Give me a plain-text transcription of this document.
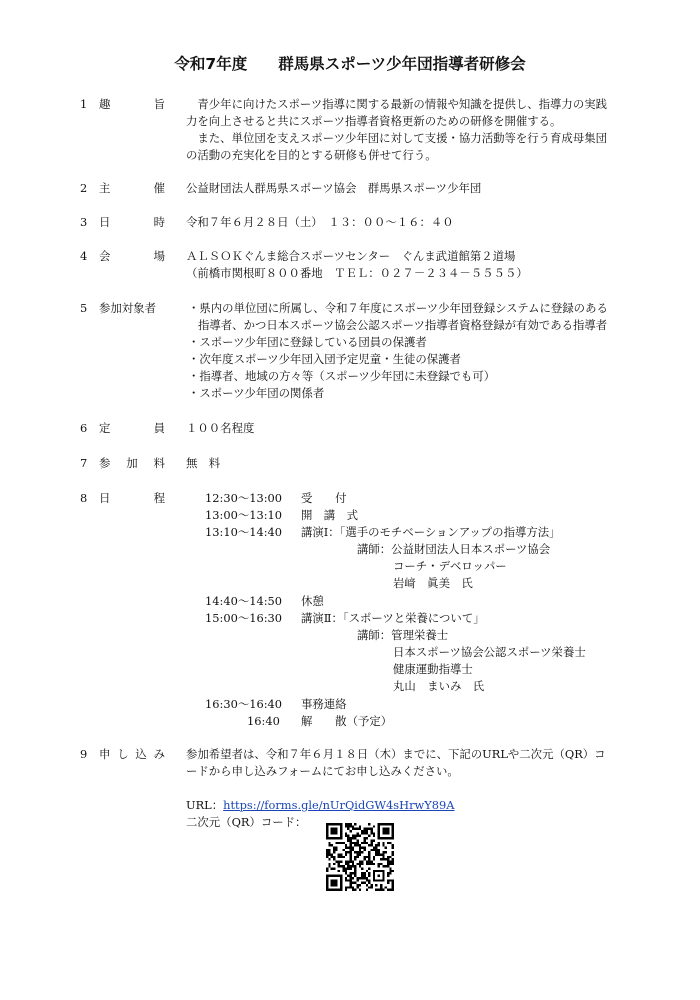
令和7年度　　群馬県スポーツ少年団指導者研修会
1 趣	旨 　青少年に向けたスポーツ指導に関する最新の情報や知識を提供し、指導力の実践
力を向上させると共にスポーツ指導者資格更新のための研修を開催する。
　また、単位団を支えスポーツ少年団に対して支援・協力活動等を行う育成母集団
の活動の充実化を目的とする研修も併せて行う。
2 主	催 公益財団法人群馬県スポーツ協会　群馬県スポーツ少年団
3 日	時 令和７年６月２８日（土）　１３：００～１６：４０
4 会	場 ＡＬＳＯＫぐんま総合スポーツセンター　ぐんま武道館第２道場
（前橋市関根町８００番地　ＴＥＬ：０２７－２３４－５５５５）
5 参加対象者	・県内の単位団に所属し、令和７年度にスポーツ少年団登録システムに登録のある
指導者、かつ日本スポーツ協会公認スポーツ指導者資格登録が有効である指導者
・スポーツ少年団に登録している団員の保護者
・次年度スポーツ少年団入団予定児童・生徒の保護者
・指導者、地域の方々等（スポーツ少年団に未登録でも可）
・スポーツ少年団の関係者
6 定	員 １００名程度
7 参 加 料 無　料
8 日	程	12:30～13:00 受　　付
13:00～13:10 開　講　式
13:10～14:40 講演Ⅰ：「選手のモチベーションアップの指導方法」
講師：公益財団法人日本スポーツ協会
コーチ・デベロッパー
岩﨑　眞美　氏
14:40～14:50 休憩
15:00～16:30 講演Ⅱ：「スポーツと栄養について」
講師：管理栄養士
日本スポーツ協会公認スポーツ栄養士
健康運動指導士
丸山　まいみ　氏
16:30～16:40 事務連絡
16:40 解　　散（予定）
9 申 し 込 み 参加希望者は、令和７年６月１８日（木）までに、下記のURLや二次元（QR）コ
ードから申し込みフォームにてお申し込みください。
URL：https://forms.gle/nUrQidGW4sHrwY89A
二次元（QR）コード：
